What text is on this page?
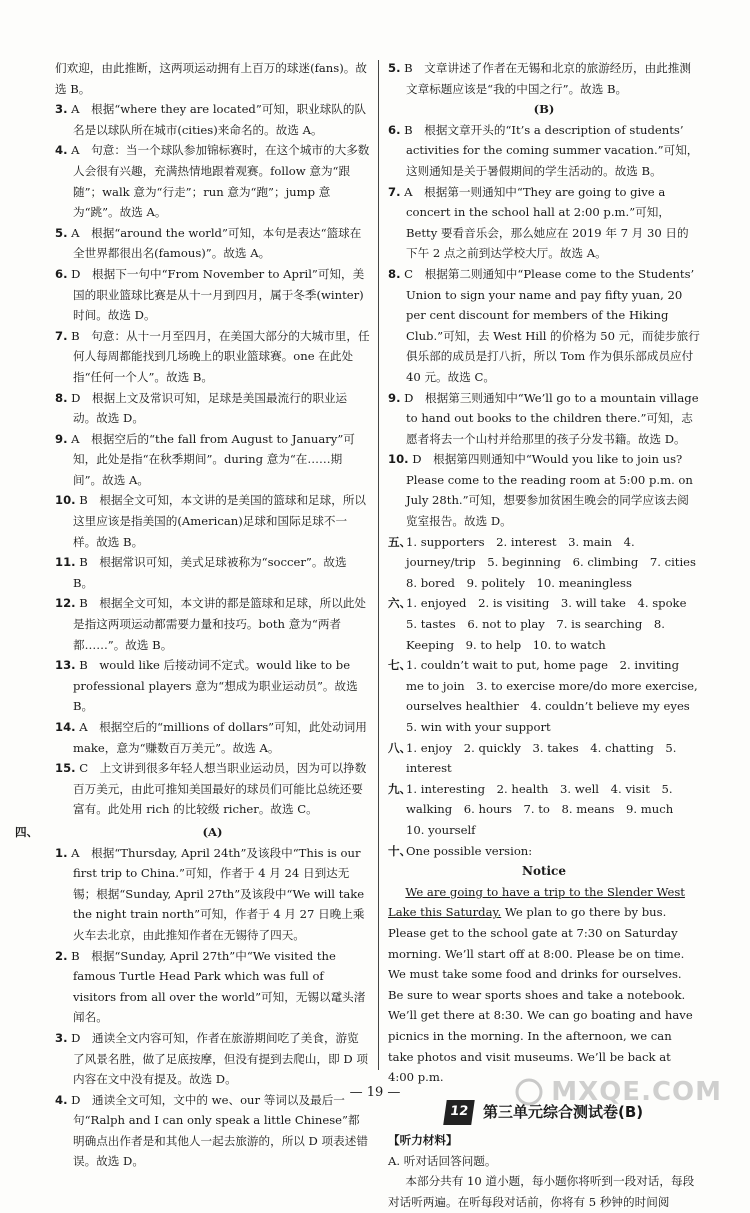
们欢迎，由此推断，这两项运动拥有上百万的球迷(fans)。故选 B。

3. A　根据“where they are located”可知，职业球队的队名是以球队所在城市(cities)来命名的。故选 A。

4. A　句意：当一个球队参加锦标赛时，在这个城市的大多数人会很有兴趣，充满热情地跟着观赛。follow 意为“跟随”；walk 意为“行走”；run 意为“跑”；jump 意为“跳”。故选 A。

5. A　根据“around the world”可知，本句是表达“篮球在全世界都很出名(famous)”。故选 A。

6. D　根据下一句中“From November to April”可知，美国的职业篮球比赛是从十一月到四月，属于冬季(winter)时间。故选 D。

7. B　句意：从十一月至四月，在美国大部分的大城市里，任何人每周都能找到几场晚上的职业篮球赛。one 在此处指“任何一个人”。故选 B。

8. D　根据上文及常识可知，足球是美国最流行的职业运动。故选 D。

9. A　根据空后的“the fall from August to January”可知，此处是指“在秋季期间”。during 意为“在……期间”。故选 A。

10. B　根据全文可知，本文讲的是美国的篮球和足球，所以这里应该是指美国的(American)足球和国际足球不一样。故选 B。

11. B　根据常识可知，美式足球被称为“soccer”。故选 B。

12. B　根据全文可知，本文讲的都是篮球和足球，所以此处是指这两项运动都需要力量和技巧。both 意为“两者都……”。故选 B。

13. B　would like 后接动词不定式。would like to be professional players 意为“想成为职业运动员”。故选 B。

14. A　根据空后的“millions of dollars”可知，此处动词用 make，意为“赚数百万美元”。故选 A。

15. C　上文讲到很多年轻人想当职业运动员，因为可以挣数百万美元，由此可推知美国最好的球员们可能比总统还要富有。此处用 rich 的比较级 richer。故选 C。

四、	(A)

1. A　根据“Thursday, April 24th”及该段中“This is our first trip to China.”可知，作者于 4 月 24 日到达无锡；根据“Sunday, April 27th”及该段中“We will take the night train north”可知，作者于 4 月 27 日晚上乘火车去北京，由此推知作者在无锡待了四天。

2. B　根据“Sunday, April 27th”中“We visited the famous Turtle Head Park which was full of visitors from all over the world”可知，无锡以鼋头渚闻名。

3. D　通读全文内容可知，作者在旅游期间吃了美食，游览了风景名胜，做了足底按摩，但没有提到去爬山，即 D 项内容在文中没有提及。故选 D。

4. D　通读全文可知，文中的 we、our 等词以及最后一句“Ralph and I can only speak a little Chinese”都明确点出作者是和其他人一起去旅游的，所以 D 项表述错误。故选 D。

5. B　文章讲述了作者在无锡和北京的旅游经历，由此推测文章标题应该是“我的中国之行”。故选 B。

(B)

6. B　根据文章开头的“It’s a description of students’ activities for the coming summer vacation.”可知，这则通知是关于暑假期间的学生活动的。故选 B。

7. A　根据第一则通知中“They are going to give a concert in the school hall at 2:00 p.m.”可知，Betty 要看音乐会，那么她应在 2019 年 7 月 30 日的下午 2 点之前到达学校大厅。故选 A。

8. C　根据第二则通知中“Please come to the Students’ Union to sign your name and pay fifty yuan, 20 per cent discount for members of the Hiking Club.”可知，去 West Hill 的价格为 50 元，而徒步旅行俱乐部的成员是打八折，所以 Tom 作为俱乐部成员应付 40 元。故选 C。

9. D　根据第三则通知中“We’ll go to a mountain village to hand out books to the children there.”可知，志愿者将去一个山村并给那里的孩子分发书籍。故选 D。

10. D　根据第四则通知中“Would you like to join us? Please come to the reading room at 5:00 p.m. on July 28th.”可知，想要参加贫困生晚会的同学应该去阅览室报告。故选 D。

五、
1. supporters　2. interest　3. main　4. journey/trip　5. beginning　6. climbing　7. cities　8. bored　9. politely　10. meaningless
六、
1. enjoyed　2. is visiting　3. will take　4. spoke　5. tastes　6. not to play　7. is searching　8. Keeping　9. to help　10. to watch
七、
1. couldn’t wait to put, home page　2. inviting me to join　3. to exercise more/do more exercise, ourselves healthier　4. couldn’t believe my eyes　5. win with your support
八、
1. enjoy　2. quickly　3. takes　4. chatting　5. interest
九、
1. interesting　2. health　3. well　4. visit　5. walking　6. hours　7. to　8. means　9. much　10. yourself
十、
One possible version:

Notice

We are going to have a trip to the Slender West Lake this Saturday. We plan to go there by bus. Please get to the school gate at 7:30 on Saturday morning. We’ll start off at 8:00. Please be on time. We must take some food and drinks for ourselves. Be sure to wear sports shoes and take a notebook. We’ll get there at 8:30. We can go boating and have picnics in the morning. In the afternoon, we can take photos and visit museums. We’ll be back at 4:00 p.m.

12 第三单元综合测试卷(B)

【听力材料】

A. 听对话回答问题。

本部分共有 10 道小题，每小题你将听到一段对话，每段对话听两遍。在听每段对话前，你将有 5 秒钟的时间阅

— 19 —	MXQE.COM
